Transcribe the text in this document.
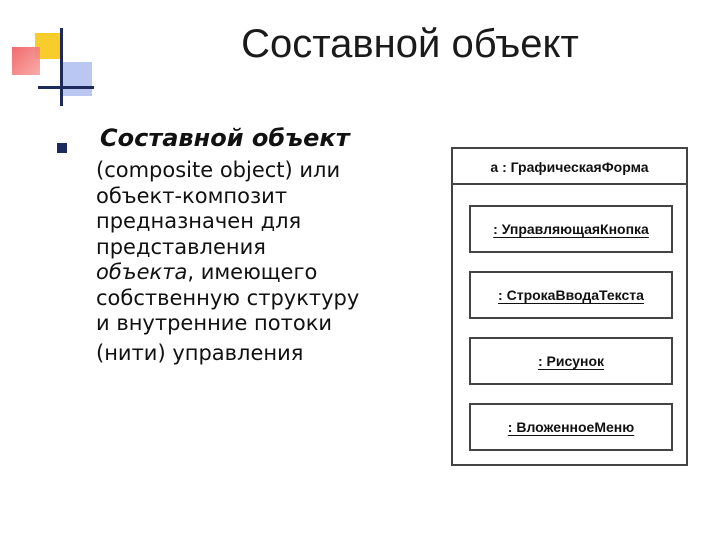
Составной объект
Составной объект
(composite object) или
объект-композит
предназначен для
представления
объекта, имеющего
собственную структуру
и внутренние потоки
(нити) управления
a : ГрафическаяФорма
: УправляющаяКнопка
: СтрокаВводаТекста
: Рисунок
: ВложенноеМеню
